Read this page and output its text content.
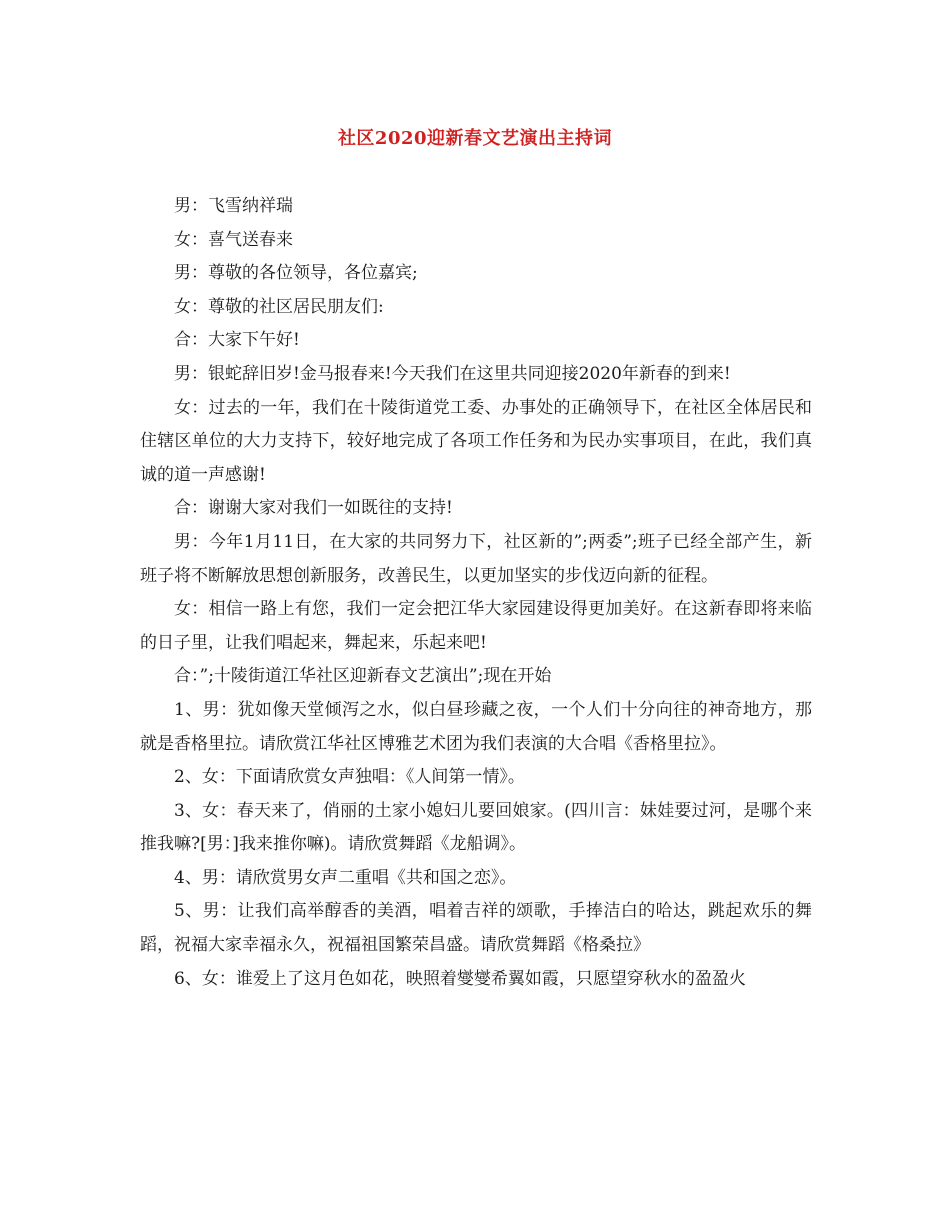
社区2020迎新春文艺演出主持词

男：飞雪纳祥瑞

女：喜气送春来

男：尊敬的各位领导，各位嘉宾;

女：尊敬的社区居民朋友们:

合：大家下午好!

男：银蛇辞旧岁!金马报春来!今天我们在这里共同迎接2020年新春的到来!

女：过去的一年，我们在十陵街道党工委、办事处的正确领导下，在社区全体居民和住辖区单位的大力支持下，较好地完成了各项工作任务和为民办实事项目，在此，我们真诚的道一声感谢!

合：谢谢大家对我们一如既往的支持!

男：今年1月11日，在大家的共同努力下，社区新的”;两委”;班子已经全部产生，新班子将不断解放思想创新服务，改善民生，以更加坚实的步伐迈向新的征程。

女：相信一路上有您，我们一定会把江华大家园建设得更加美好。在这新春即将来临的日子里，让我们唱起来，舞起来，乐起来吧!

合：”;十陵街道江华社区迎新春文艺演出”;现在开始

1、男：犹如像天堂倾泻之水，似白昼珍藏之夜，一个人们十分向往的神奇地方，那就是香格里拉。请欣赏江华社区博雅艺术团为我们表演的大合唱《香格里拉》。

2、女：下面请欣赏女声独唱：《人间第一情》。

3、女：春天来了，俏丽的土家小媳妇儿要回娘家。(四川言：妹娃要过河，是哪个来推我嘛?[男：]我来推你嘛)。请欣赏舞蹈《龙船调》。

4、男：请欣赏男女声二重唱《共和国之恋》。

5、男：让我们高举醇香的美酒，唱着吉祥的颂歌，手捧洁白的哈达，跳起欢乐的舞蹈，祝福大家幸福永久，祝福祖国繁荣昌盛。请欣赏舞蹈《格桑拉》

6、女：谁爱上了这月色如花，映照着燮燮希翼如霞，只愿望穿秋水的盈盈火
